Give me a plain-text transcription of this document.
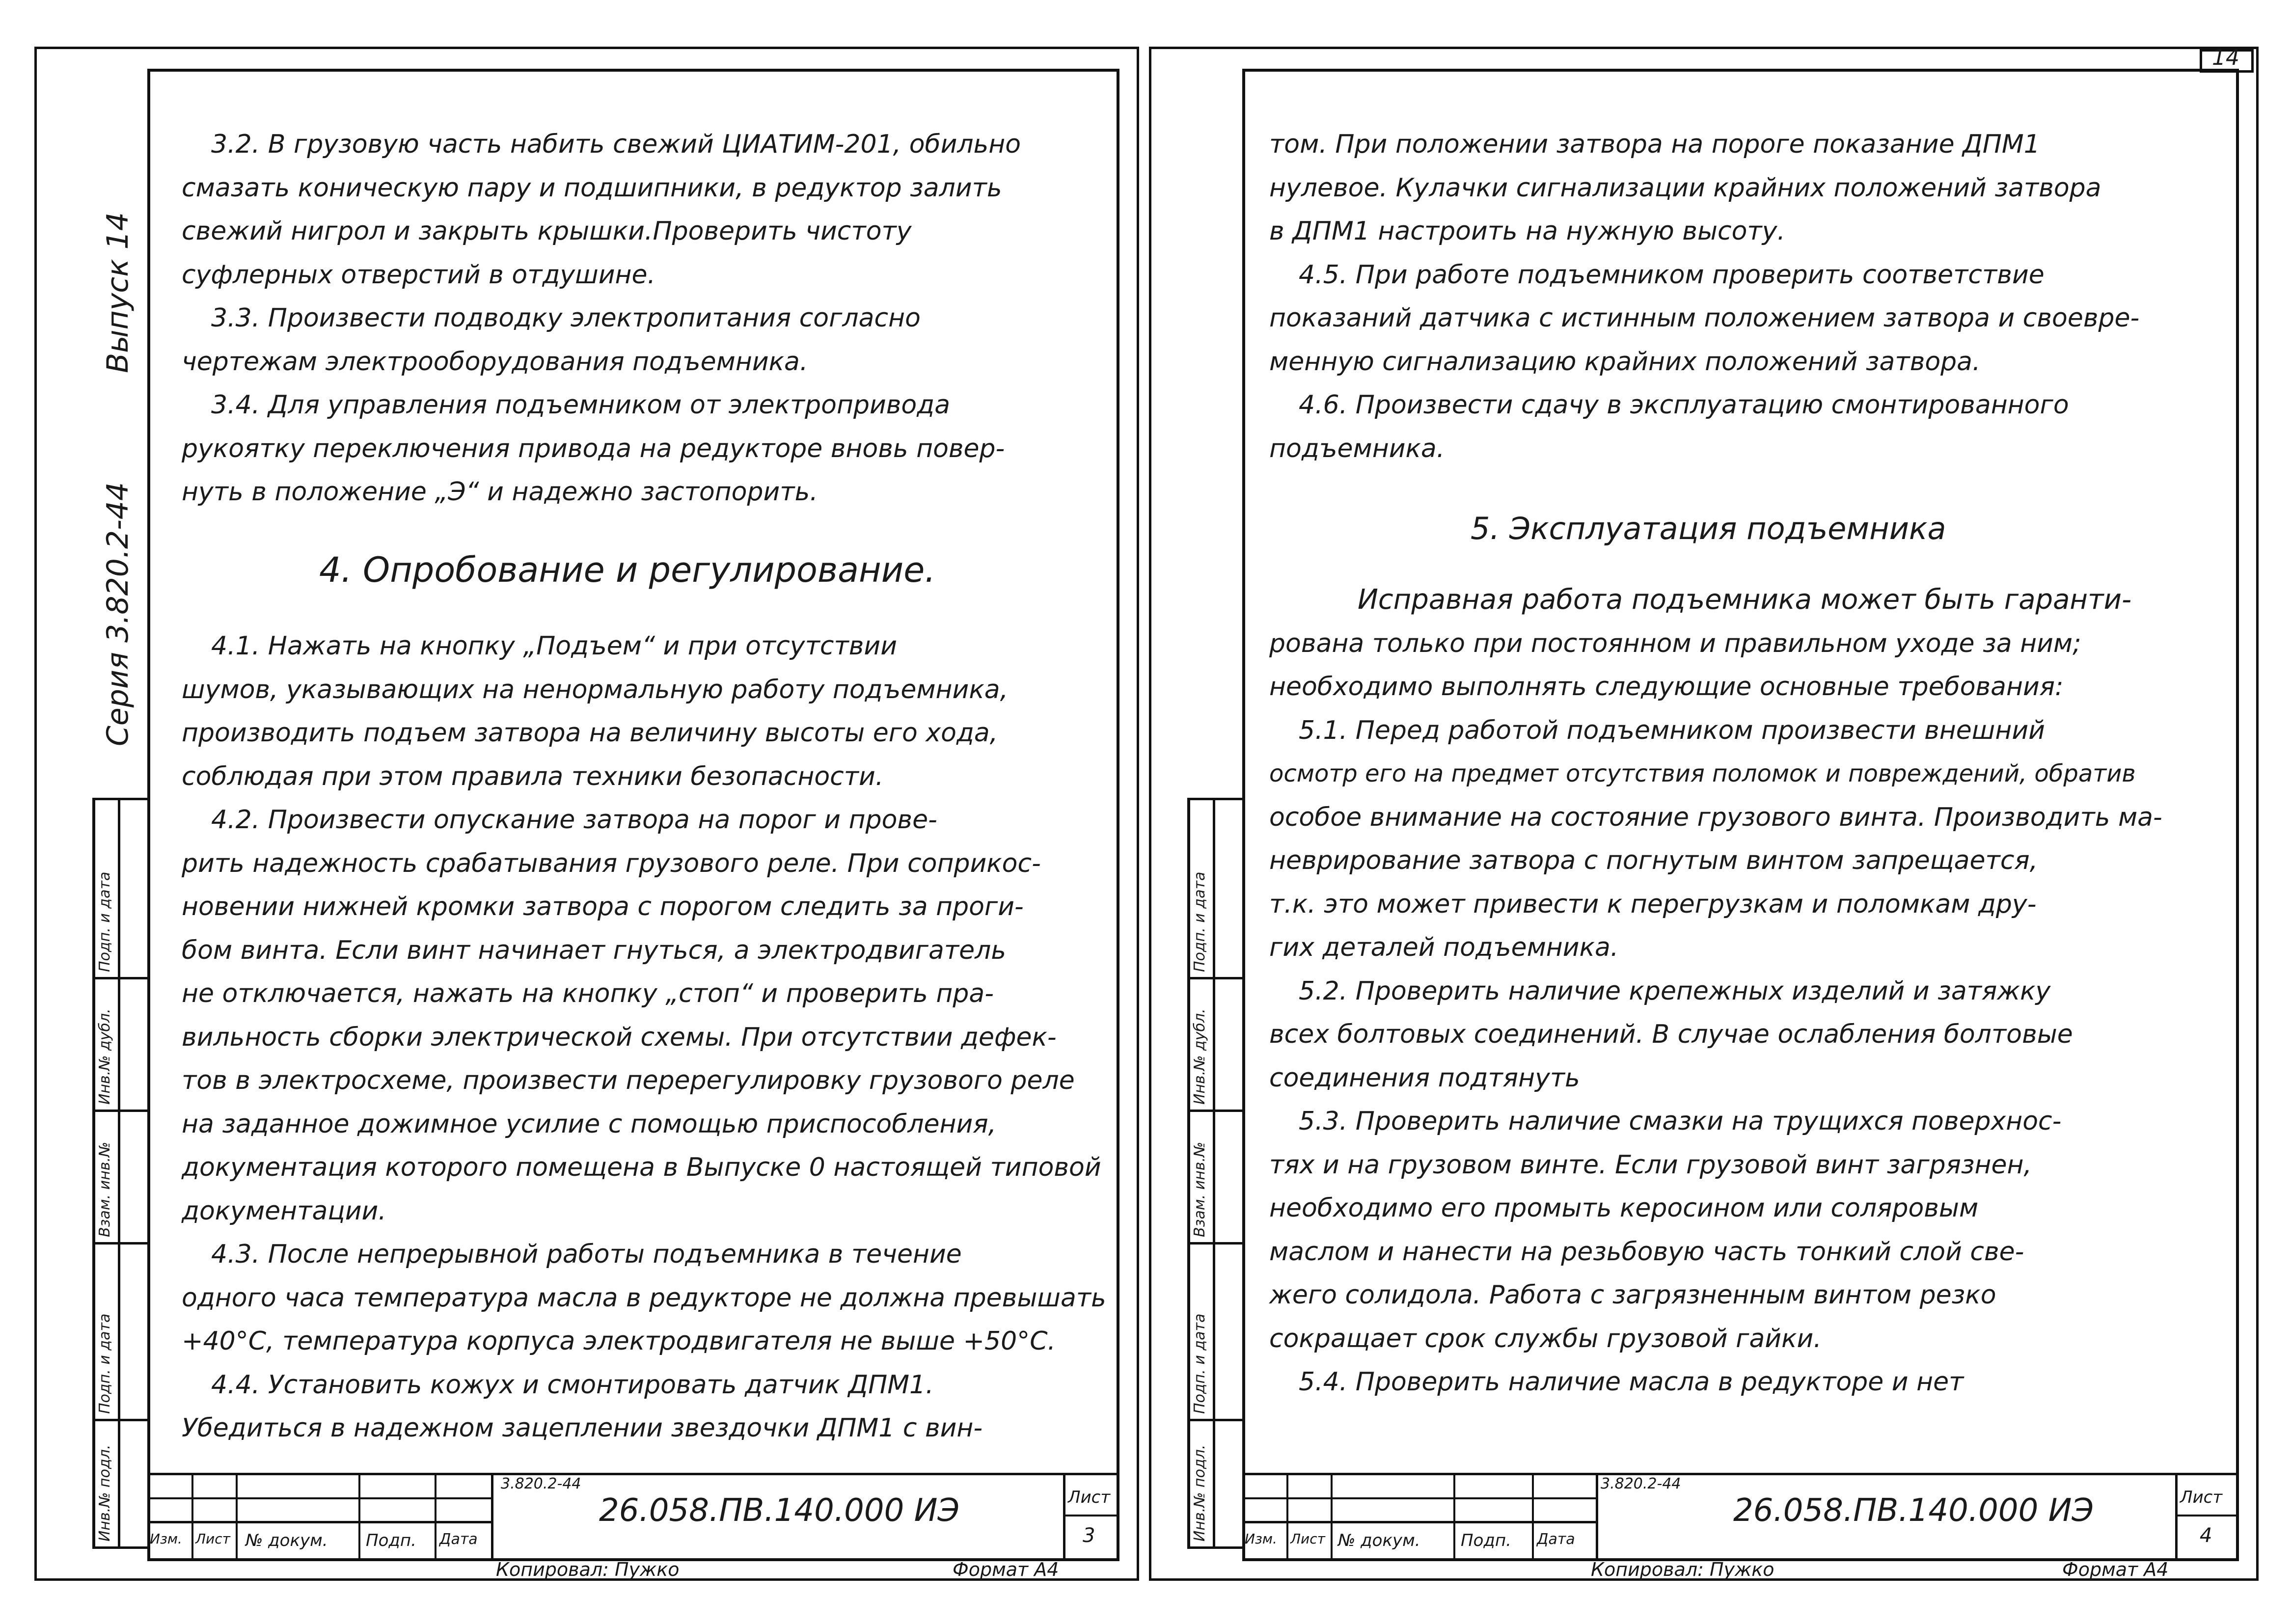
14
Серия 3.820.2-44
Выпуск 14
Инв.№ подл.
Подп. и дата
Взам. инв.№
Инв.№ дубл.
Подп. и дата
Инв.№ подл.
Подп. и дата
Взам. инв.№
Инв.№ дубл.
Подп. и дата
3.2. В грузовую часть набить свежий ЦИАТИМ-201, обильно
смазать коническую пару и подшипники, в редуктор залить
свежий нигрол и закрыть крышки.Проверить чистоту
суфлерных отверстий в отдушине.
3.3. Произвести подводку электропитания согласно
чертежам электрооборудования подъемника.
3.4. Для управления подъемником от электропривода
рукоятку переключения привода на редукторе вновь повер-
нуть в положение „Э“ и надежно застопорить.
4. Опробование и регулирование.
4.1. Нажать на кнопку „Подъем“ и при отсутствии
шумов, указывающих на ненормальную работу подъемника,
производить подъем затвора на величину высоты его хода,
соблюдая при этом правила техники безопасности.
4.2. Произвести опускание затвора на порог и прове-
рить надежность срабатывания грузового реле. При соприкос-
новении нижней кромки затвора с порогом следить за проги-
бом винта. Если винт начинает гнуться, а электродвигатель
не отключается, нажать на кнопку „стоп“ и проверить пра-
вильность сборки электрической схемы. При отсутствии дефек-
тов в электросхеме, произвести перерегулировку грузового реле
на заданное дожимное усилие с помощью приспособления,
документация которого помещена в Выпуске 0 настоящей типовой
документации.
4.3. После непрерывной работы подъемника в течение
одного часа температура масла в редукторе не должна превышать
+40°С, температура корпуса электродвигателя не выше +50°С.
4.4. Установить кожух и смонтировать датчик ДПМ1.
Убедиться в надежном зацеплении звездочки ДПМ1 с вин-
том. При положении затвора на пороге показание ДПМ1
нулевое. Кулачки сигнализации крайних положений затвора
в ДПМ1 настроить на нужную высоту.
4.5. При работе подъемником проверить соответствие
показаний датчика с истинным положением затвора и своевре-
менную сигнализацию крайних положений затвора.
4.6. Произвести сдачу в эксплуатацию смонтированного
подъемника.
5. Эксплуатация подъемника
Исправная работа подъемника может быть гаранти-
рована только при постоянном и правильном уходе за ним;
необходимо выполнять следующие основные требования:
5.1. Перед работой подъемником произвести внешний
осмотр его на предмет отсутствия поломок и повреждений, обратив
особое внимание на состояние грузового винта. Производить ма-
неврирование затвора с погнутым винтом запрещается,
т.к. это может привести к перегрузкам и поломкам дру-
гих деталей подъемника.
5.2. Проверить наличие крепежных изделий и затяжку
всех болтовых соединений. В случае ослабления болтовые
соединения подтянуть
5.3. Проверить наличие смазки на трущихся поверхнос-
тях и на грузовом винте. Если грузовой винт загрязнен,
необходимо его промыть керосином или соляровым
маслом и нанести на резьбовую часть тонкий слой све-
жего солидола. Работа с загрязненным винтом резко
сокращает срок службы грузовой гайки.
5.4. Проверить наличие масла в редукторе и нет
3.820.2-44
26.058.ПВ.140.000 ИЭ	Лист
3
Изм. Лист № докум. Подп. Дата
Копировал: Пужко	Формат А4
3.820.2-44
26.058.ПВ.140.000 ИЭ	Лист
4
Изм. Лист № докум. Подп. Дата
Копировал: Пужко	Формат А4
